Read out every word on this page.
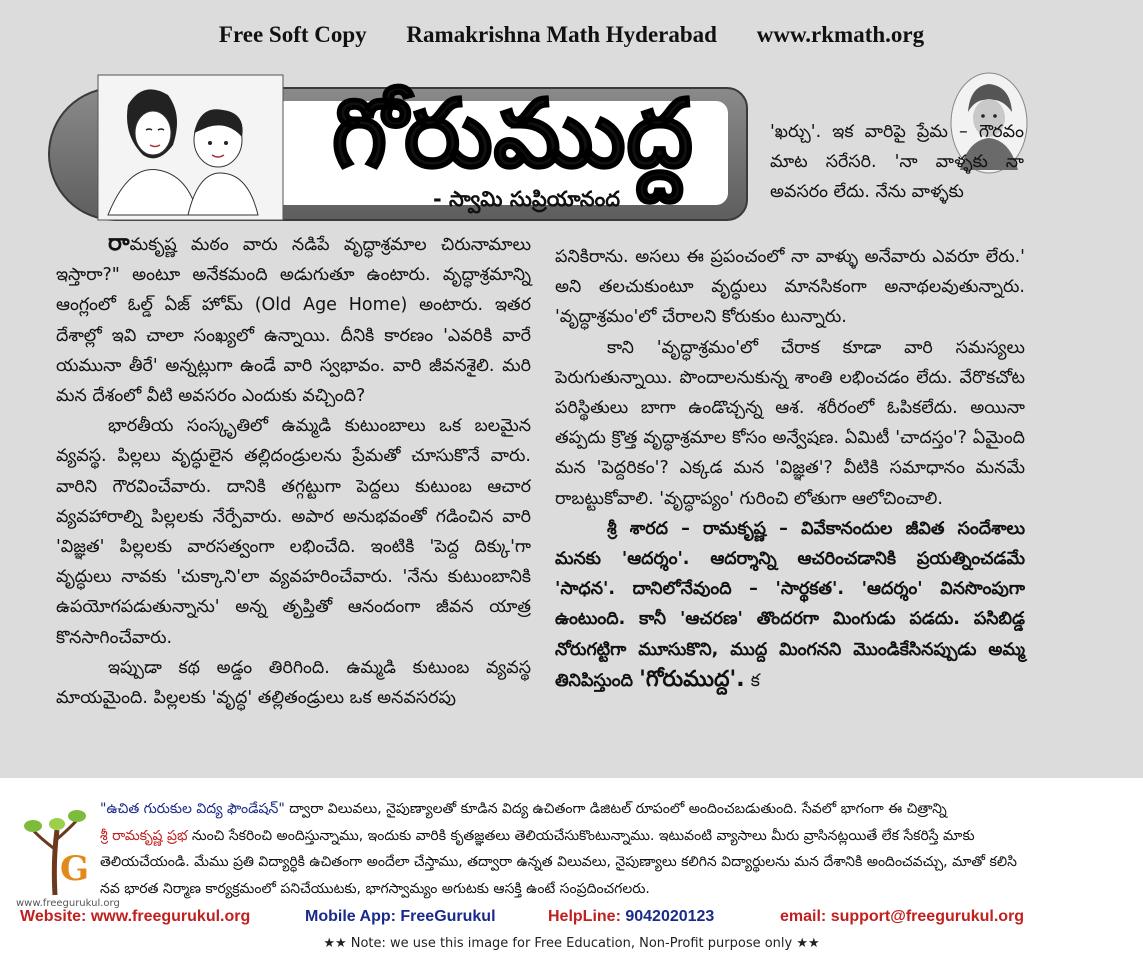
Free Soft Copy Ramakrishna Math Hyderabad www.rkmath.org
గోరుముద్ద
- స్వామి సుప్రియానంద
'ఖర్చు'. ఇక వారిపై ప్రేమ – గౌరవం మాట సరేసరి. 'నా వాళ్ళకు నా అవసరం లేదు. నేను వాళ్ళకు

రామకృష్ణ మఠం వారు నడిపే వృద్ధాశ్రమాల చిరునామాలు ఇస్తారా?" అంటూ అనేకమంది అడుగుతూ ఉంటారు. వృద్ధాశ్రమాన్ని ఆంగ్లంలో ఓల్డ్ ఏజ్ హోమ్ (Old Age Home) అంటారు. ఇతర దేశాల్లో ఇవి చాలా సంఖ్యలో ఉన్నాయి. దీనికి కారణం 'ఎవరికి వారే యమునా తీరే' అన్నట్లుగా ఉండే వారి స్వభావం. వారి జీవనశైలి. మరి మన దేశంలో వీటి అవసరం ఎందుకు వచ్చింది?

భారతీయ సంస్కృతిలో ఉమ్మడి కుటుంబాలు ఒక బలమైన వ్యవస్థ. పిల్లలు వృద్ధులైన తల్లిదండ్రులను ప్రేమతో చూసుకొనే వారు. వారిని గౌరవించేవారు. దానికి తగ్గట్టుగా పెద్దలు కుటుంబ ఆచార వ్యవహారాల్ని పిల్లలకు నేర్పేవారు. అపార అనుభవంతో గడించిన వారి 'విజ్ఞత' పిల్లలకు వారసత్వంగా లభించేది. ఇంటికి 'పెద్ద దిక్కు'గా వృద్ధులు నావకు 'చుక్కాని'లా వ్యవహరించేవారు. 'నేను కుటుంబానికి ఉపయోగపడుతున్నాను' అన్న తృప్తితో ఆనందంగా జీవన యాత్ర కొనసాగించేవారు.

ఇప్పుడా కథ అడ్డం తిరిగింది. ఉమ్మడి కుటుంబ వ్యవస్థ మాయమైంది. పిల్లలకు 'వృద్ధ' తల్లితండ్రులు ఒక అనవసరపు

పనికిరాను. అసలు ఈ ప్రపంచంలో నా వాళ్ళు అనేవారు ఎవరూ లేరు.' అని తలచుకుంటూ వృద్ధులు మానసికంగా అనాథలవుతున్నారు. 'వృద్ధాశ్రమం'లో చేరాలని కోరుకుం టున్నారు.

కాని 'వృద్ధాశ్రమం'లో చేరాక కూడా వారి సమస్యలు పెరుగుతున్నాయి. పొందాలనుకున్న శాంతి లభించడం లేదు. వేరొకచోట పరిస్థితులు బాగా ఉండొచ్చన్న ఆశ. శరీరంలో ఓపికలేదు. అయినా తప్పదు క్రొత్త వృద్ధాశ్రమాల కోసం అన్వేషణ. ఏమిటీ 'చాదస్తం'? ఏమైంది మన 'పెద్దరికం'? ఎక్కడ మన 'విజ్ఞత'? వీటికి సమాధానం మనమే రాబట్టుకోవాలి. 'వృద్ధాప్యం' గురించి లోతుగా ఆలోచించాలి.

శ్రీ శారద – రామకృష్ణ – వివేకానందుల జీవిత సందేశాలు మనకు 'ఆదర్శం'. ఆదర్శాన్ని ఆచరించడానికి ప్రయత్నించడమే 'సాధన'. దానిలోనేవుంది – 'సార్థకత'. 'ఆదర్శం' వినసొంపుగా ఉంటుంది. కానీ 'ఆచరణ' తొందరగా మింగుడు పడదు. పసిబిడ్డ నోరుగట్టిగా మూసుకొని, ముద్ద మింగనని మొండికేసినప్పుడు అమ్మ తినిపిస్తుంది 'గోరుముద్ద'. క

G
www.freegurukul.org

"ఉచిత గురుకుల విద్య ఫౌండేషన్" ద్వారా విలువలు, నైపుణ్యాలతో కూడిన విద్య ఉచితంగా డిజిటల్ రూపంలో అందించబడుతుంది. సేవలో భాగంగా ఈ చిత్రాన్ని

శ్రీ రామకృష్ణ ప్రభ నుంచి సేకరించి అందిస్తున్నాము, ఇందుకు వారికి కృతజ్ఞతలు తెలియచేసుకొంటున్నాము. ఇటువంటి వ్యాసాలు మీరు వ్రాసినట్లయితే లేక సేకరిస్తే మాకు

తెలియచేయండి. మేము ప్రతి విద్యార్ధికి ఉచితంగా అందేలా చేస్తాము, తద్వారా ఉన్నత విలువలు, నైపుణ్యాలు కలిగిన విద్యార్థులను మన దేశానికి అందించవచ్చు, మాతో కలిసి

నవ భారత నిర్మాణ కార్యక్రమంలో పనిచేయుటకు, భాగస్వామ్యం అగుటకు ఆసక్తి ఉంటే సంప్రదించగలరు.

Website: www.freegurukul.org	Mobile App: FreeGurukul	HelpLine: 9042020123	email: support@freegurukul.org
★★ Note: we use this image for Free Education, Non-Profit purpose only ★★
